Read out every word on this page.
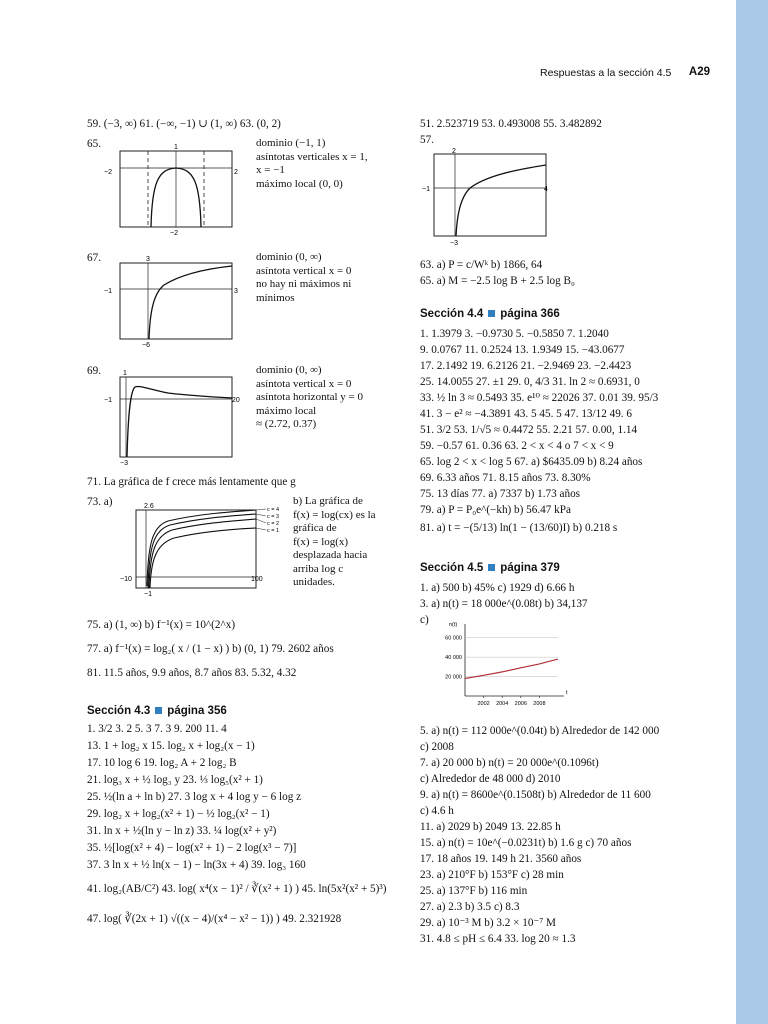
Respuestas a la sección 4.5 A29
59. (−3, ∞) 61. (−∞, −1) ∪ (1, ∞) 63. (0, 2)
65.	1
−2	2
−2
dominio (−1, 1)
asíntotas verticales x = 1,
x = −1
máximo local (0, 0)
67.	3
−1	3
−6
dominio (0, ∞)
asíntota vertical x = 0
no hay ni máximos ni
mínimos
69.	1
−1	20
−3
dominio (0, ∞)
asíntota vertical x = 0
asíntota horizontal y = 0
máximo local
≈ (2.72, 0.37)
71. La gráfica de f crece más lentamente que g
73. a)
c = 4
c = 3
c = 2
c = 1
2.6
−10	100
−1
b) La gráfica de
f(x) = log(cx) es la
gráfica de
f(x) = log(x)
desplazada hacia
arriba log c
unidades.
75. a) (1, ∞) b) f⁻¹(x) = 10^(2^x)
77. a) f⁻¹(x) = log₂( x / (1 − x) ) b) (0, 1) 79. 2602 años
81. 11.5 años, 9.9 años, 8.7 años 83. 5.32, 4.32
Sección 4.3 página 356
1. 3/2 3. 2 5. 3 7. 3 9. 200 11. 4
13. 1 + log₂ x 15. log₂ x + log₂(x − 1)
17. 10 log 6 19. log₂ A + 2 log₂ B
21. log₃ x + ½ log₃ y 23. ⅓ log₅(x² + 1)
25. ½(ln a + ln b) 27. 3 log x + 4 log y − 6 log z
29. log₂ x + log₂(x² + 1) − ½ log₂(x² − 1)
31. ln x + ½(ln y − ln z) 33. ¼ log(x² + y²)
35. ½[log(x² + 4) − log(x² + 1) − 2 log(x³ − 7)]
37. 3 ln x + ½ ln(x − 1) − ln(3x + 4) 39. log₃ 160
41. log₂(AB/C²) 43. log( x⁴(x − 1)² / ∛(x² + 1) ) 45. ln(5x²(x² + 5)³)
47. log( ∛(2x + 1) √((x − 4)/(x⁴ − x² − 1)) ) 49. 2.321928
51. 2.523719 53. 0.493008 55. 3.482892
57.
2
−1	4
−3
63. a) P = c/Wᵏ b) 1866, 64
65. a) M = −2.5 log B + 2.5 log B₀
Sección 4.4 página 366
1. 1.3979 3. −0.9730 5. −0.5850 7. 1.2040
9. 0.0767 11. 0.2524 13. 1.9349 15. −43.0677
17. 2.1492 19. 6.2126 21. −2.9469 23. −2.4423
25. 14.0055 27. ±1 29. 0, 4/3 31. ln 2 ≈ 0.6931, 0
33. ½ ln 3 ≈ 0.5493 35. e¹⁰ ≈ 22026 37. 0.01 39. 95/3
41. 3 − e² ≈ −4.3891 43. 5 45. 5 47. 13/12 49. 6
51. 3/2 53. 1/√5 ≈ 0.4472 55. 2.21 57. 0.00, 1.14
59. −0.57 61. 0.36 63. 2 < x < 4 o 7 < x < 9
65. log 2 < x < log 5 67. a) $6435.09 b) 8.24 años
69. 6.33 años 71. 8.15 años 73. 8.30%
75. 13 días 77. a) 7337 b) 1.73 años
79. a) P = P₀e^(−kh) b) 56.47 kPa
81. a) t = −(5/13) ln(1 − (13/60)I) b) 0.218 s
Sección 4.5 página 379
1. a) 500 b) 45% c) 1929 d) 6.66 h
3. a) n(t) = 18 000e^(0.08t) b) 34,137
c)	n(t)
t
60 000
40 000
20 000
2002 2004 2006 2008
5. a) n(t) = 112 000e^(0.04t) b) Alrededor de 142 000
c) 2008
7. a) 20 000 b) n(t) = 20 000e^(0.1096t)
c) Alrededor de 48 000 d) 2010
9. a) n(t) = 8600e^(0.1508t) b) Alrededor de 11 600
c) 4.6 h
11. a) 2029 b) 2049 13. 22.85 h
15. a) n(t) = 10e^(−0.0231t) b) 1.6 g c) 70 años
17. 18 años 19. 149 h 21. 3560 años
23. a) 210°F b) 153°F c) 28 min
25. a) 137°F b) 116 min
27. a) 2.3 b) 3.5 c) 8.3
29. a) 10⁻³ M b) 3.2 × 10⁻⁷ M
31. 4.8 ≤ pH ≤ 6.4 33. log 20 ≈ 1.3
